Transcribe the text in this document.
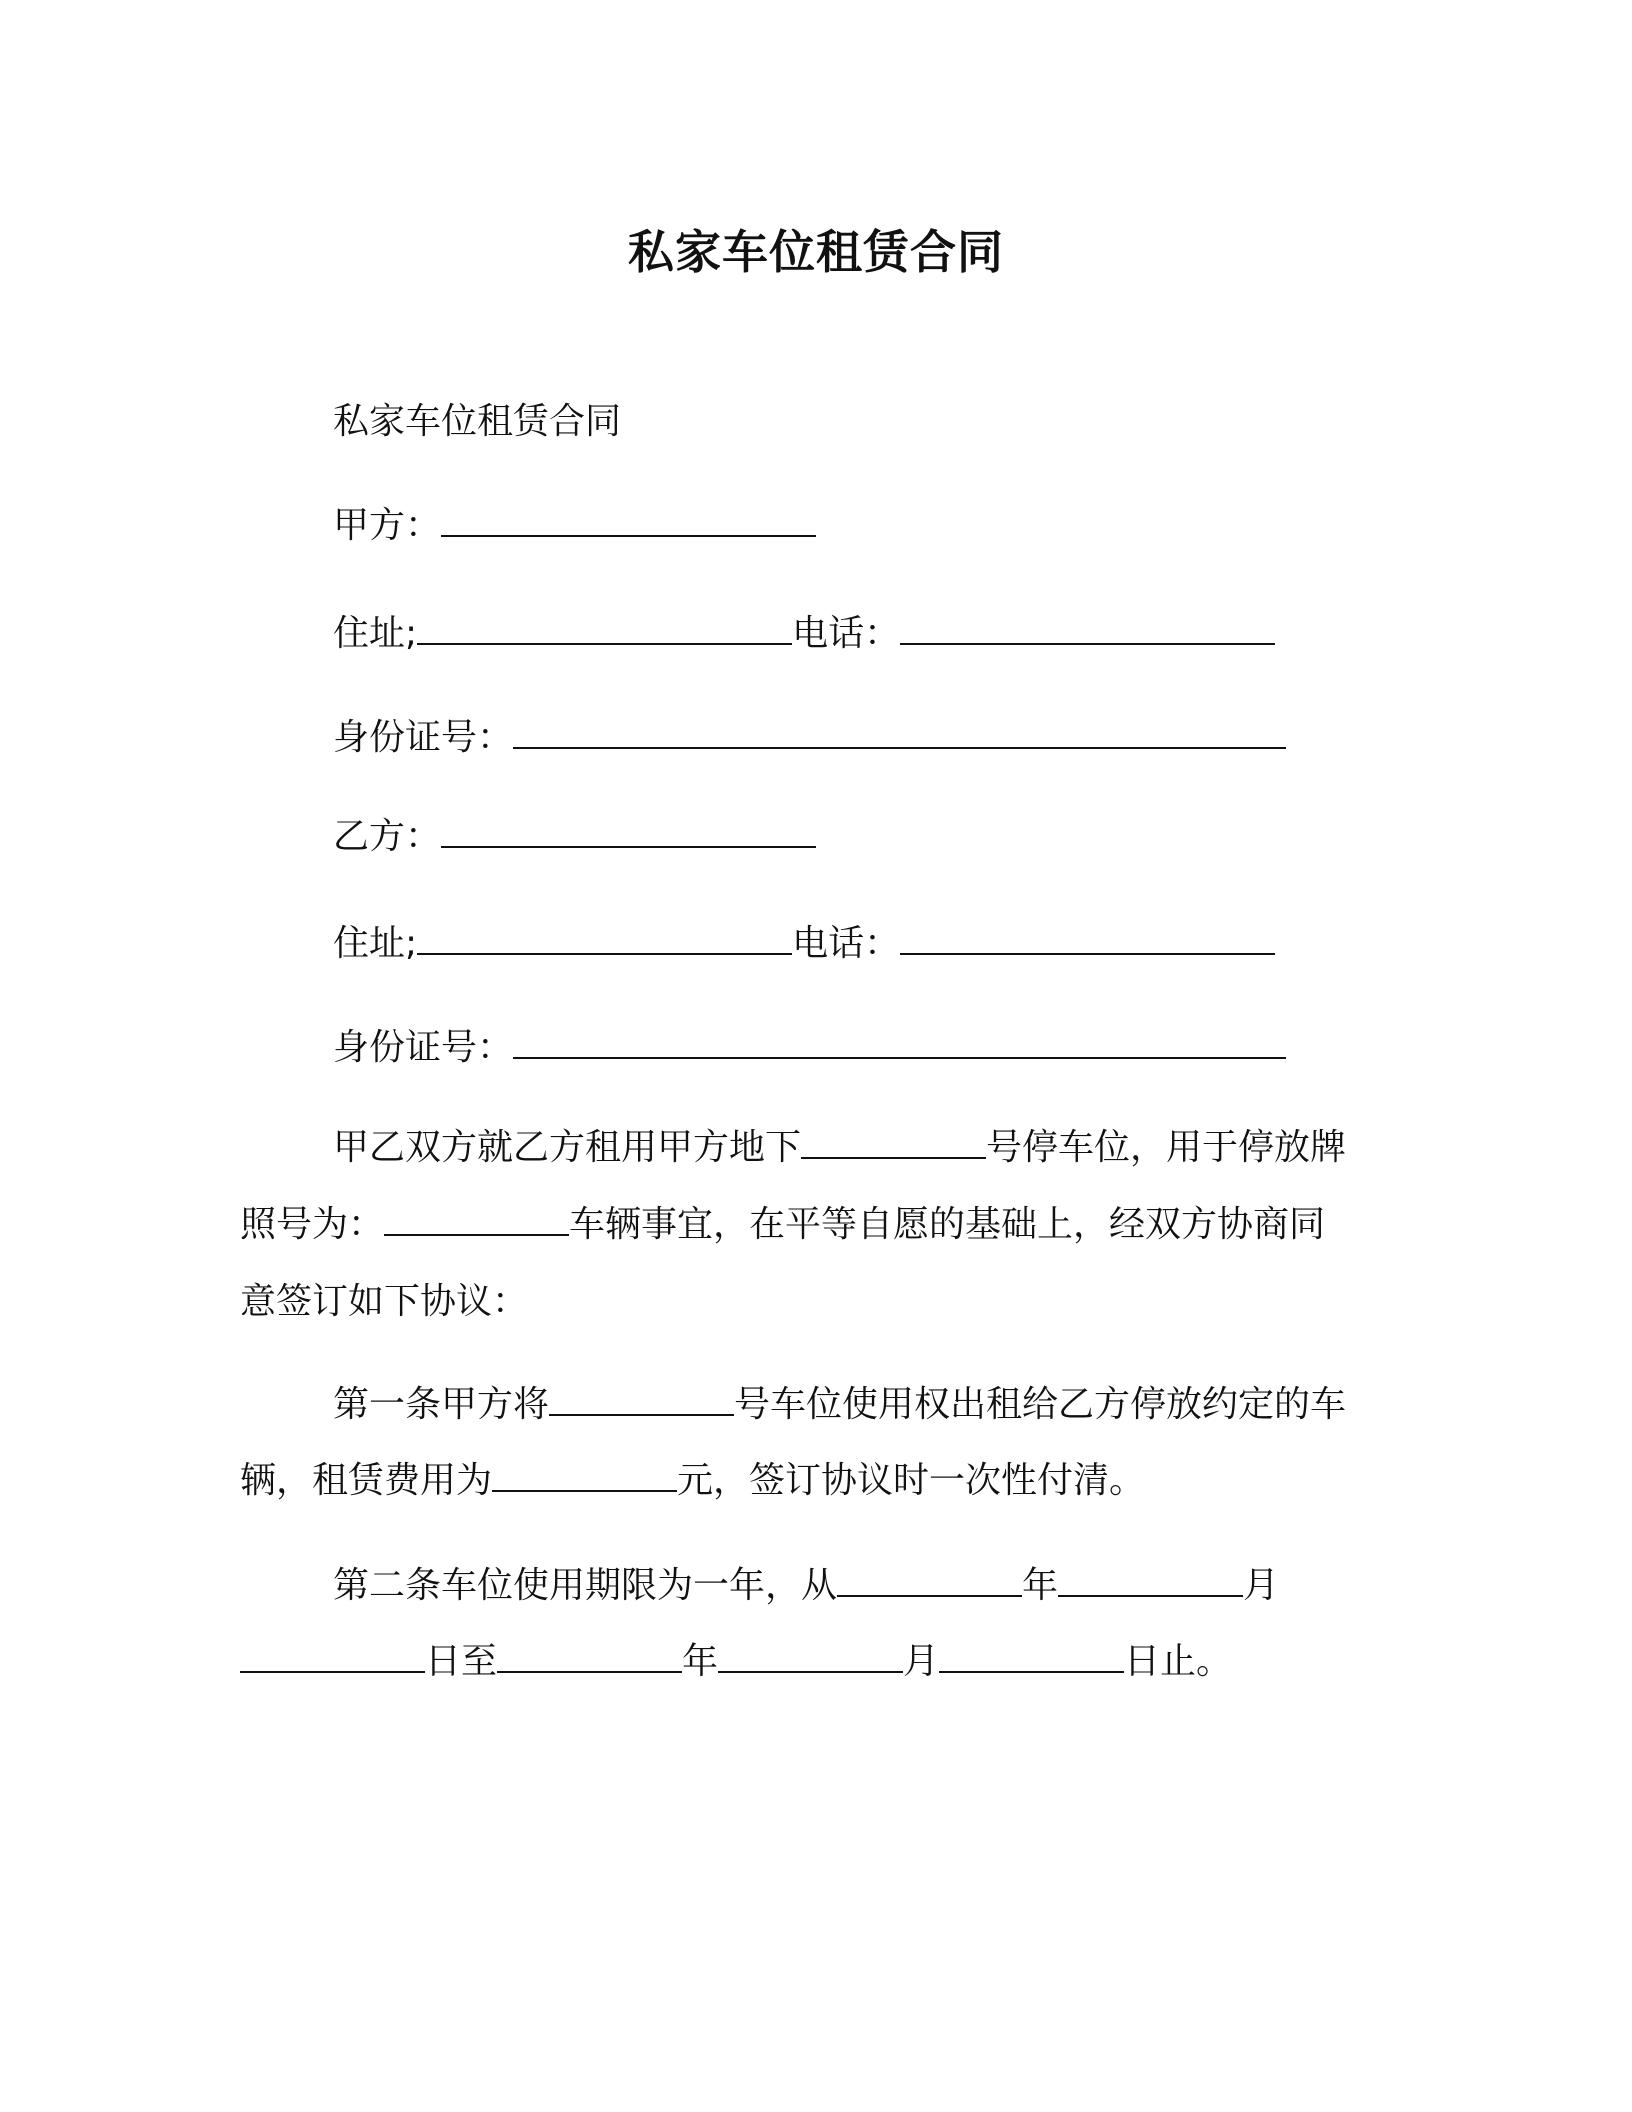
私家车位租赁合同
私家车位租赁合同
甲方：
住址;	电话：
身份证号：
乙方：
住址;	电话：
身份证号：
甲乙双方就乙方租用甲方地下	号停车位，用于停放牌
照号为：	车辆事宜，在平等自愿的基础上，经双方协商同
意签订如下协议：
第一条甲方将	号车位使用权出租给乙方停放约定的车
辆，租赁费用为	元，签订协议时一次性付清。
第二条车位使用期限为一年，从	年	月
日至	年	月	日止。
